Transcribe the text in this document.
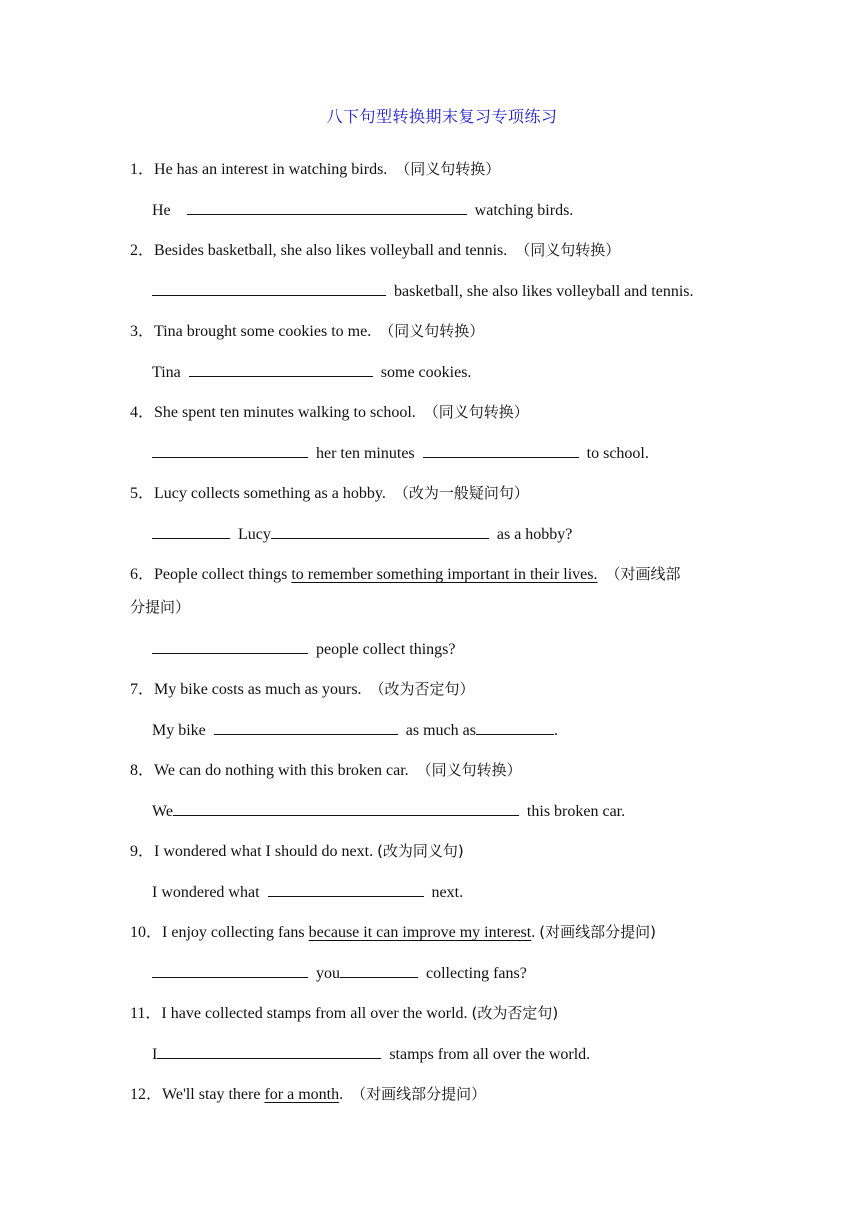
八下句型转换期末复习专项练习
1．He has an interest in watching birds. （同义句转换）
He	watching birds.
2．Besides basketball, she also likes volleyball and tennis. （同义句转换）
basketball, she also likes volleyball and tennis.
3．Tina brought some cookies to me. （同义句转换）
Tina	some cookies.
4．She spent ten minutes walking to school. （同义句转换）
her ten minutes	to school.
5．Lucy collects something as a hobby. （改为一般疑问句）
Lucy	as a hobby?
6．People collect things to remember something important in their lives. （对画线部
分提问）
people collect things?
7．My bike costs as much as yours. （改为否定句）
My bike	as much as	.
8．We can do nothing with this broken car. （同义句转换）
We	this broken car.
9．I wondered what I should do next. (改为同义句)
I wondered what	next.
10．I enjoy collecting fans because it can improve my interest. (对画线部分提问)
you	collecting fans?
11．I have collected stamps from all over the world. (改为否定句)
I	stamps from all over the world.
12．We'll stay there for a month. （对画线部分提问）
